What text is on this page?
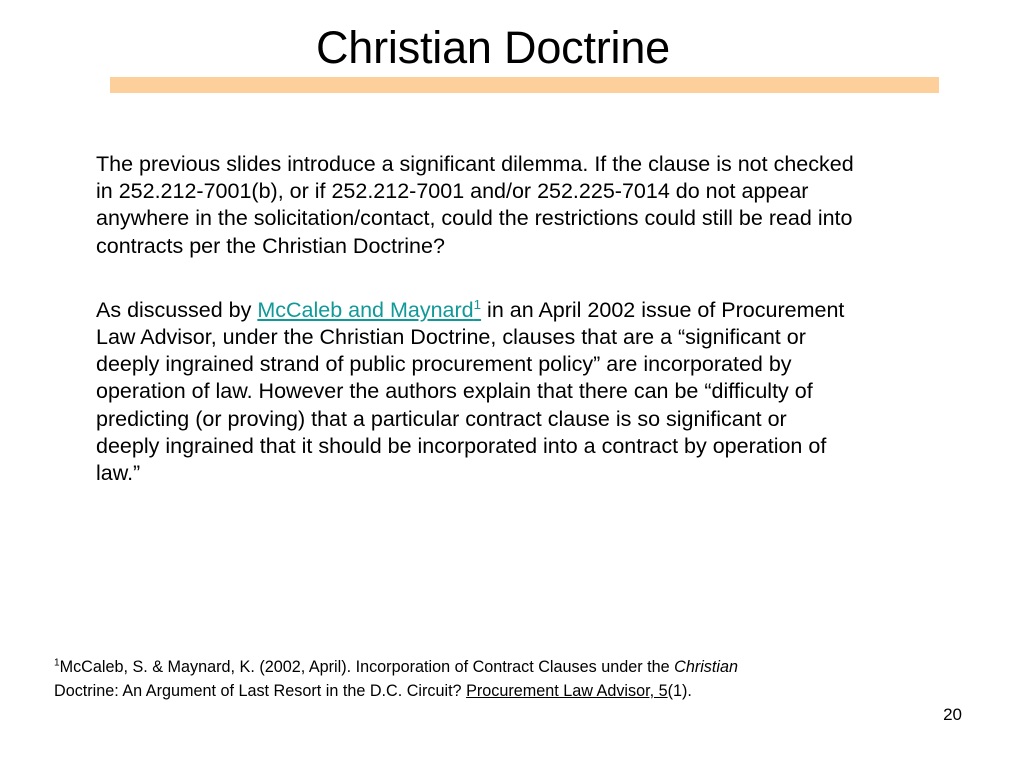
Christian Doctrine

The previous slides introduce a significant dilemma. If the clause is not checked in 252.212-7001(b), or if 252.212-7001 and/or 252.225-7014 do not appear anywhere in the solicitation/contact, could the restrictions could still be read into contracts per the Christian Doctrine?

As discussed by McCaleb and Maynard$^1$ in an April 2002 issue of Procurement Law Advisor, under the Christian Doctrine, clauses that are a “significant or deeply ingrained strand of public procurement policy” are incorporated by operation of law. However the authors explain that there can be “difficulty of predicting (or proving) that a particular contract clause is so significant or deeply ingrained that it should be incorporated into a contract by operation of law.”

$^1$McCaleb, S. & Maynard, K. (2002, April). Incorporation of Contract Clauses under the Christian
Doctrine: An Argument of Last Resort in the D.C. Circuit? Procurement Law Advisor, 5(1).

20
